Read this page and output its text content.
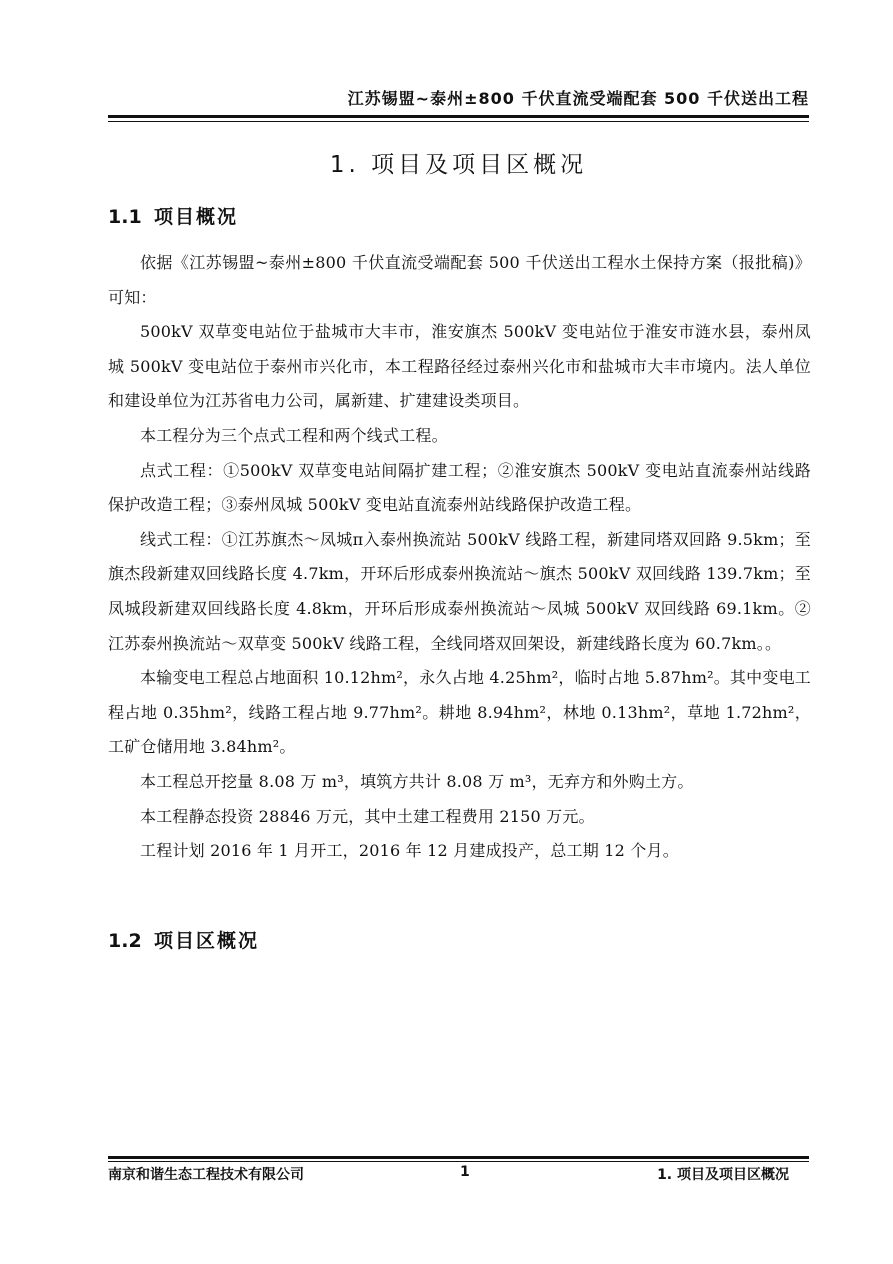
江苏锡盟~泰州±800 千伏直流受端配套 500 千伏送出工程
1. 项目及项目区概况
1.1 项目概况

依据《江苏锡盟~泰州±800 千伏直流受端配套 500 千伏送出工程水土保持方案（报批稿)》可知：

500kV 双草变电站位于盐城市大丰市，淮安旗杰 500kV 变电站位于淮安市涟水县，泰州凤城 500kV 变电站位于泰州市兴化市，本工程路径经过泰州兴化市和盐城市大丰市境内。法人单位和建设单位为江苏省电力公司，属新建、扩建建设类项目。

本工程分为三个点式工程和两个线式工程。

点式工程：①500kV 双草变电站间隔扩建工程；②淮安旗杰 500kV 变电站直流泰州站线路保护改造工程；③泰州凤城 500kV 变电站直流泰州站线路保护改造工程。

线式工程：①江苏旗杰～凤城π入泰州换流站 500kV 线路工程，新建同塔双回路 9.5km；至旗杰段新建双回线路长度 4.7km，开环后形成泰州换流站～旗杰 500kV 双回线路 139.7km；至凤城段新建双回线路长度 4.8km，开环后形成泰州换流站～凤城 500kV 双回线路 69.1km。②江苏泰州换流站～双草变 500kV 线路工程，全线同塔双回架设，新建线路长度为 60.7km。。

本输变电工程总占地面积 10.12hm²，永久占地 4.25hm²，临时占地 5.87hm²。其中变电工程占地 0.35hm²，线路工程占地 9.77hm²。耕地 8.94hm²，林地 0.13hm²，草地 1.72hm²，工矿仓储用地 3.84hm²。

本工程总开挖量 8.08 万 m³，填筑方共计 8.08 万 m³，无弃方和外购土方。

本工程静态投资 28846 万元，其中土建工程费用 2150 万元。

工程计划 2016 年 1 月开工，2016 年 12 月建成投产，总工期 12 个月。

1.2 项目区概况
南京和谐生态工程技术有限公司	1	1. 项目及项目区概况
